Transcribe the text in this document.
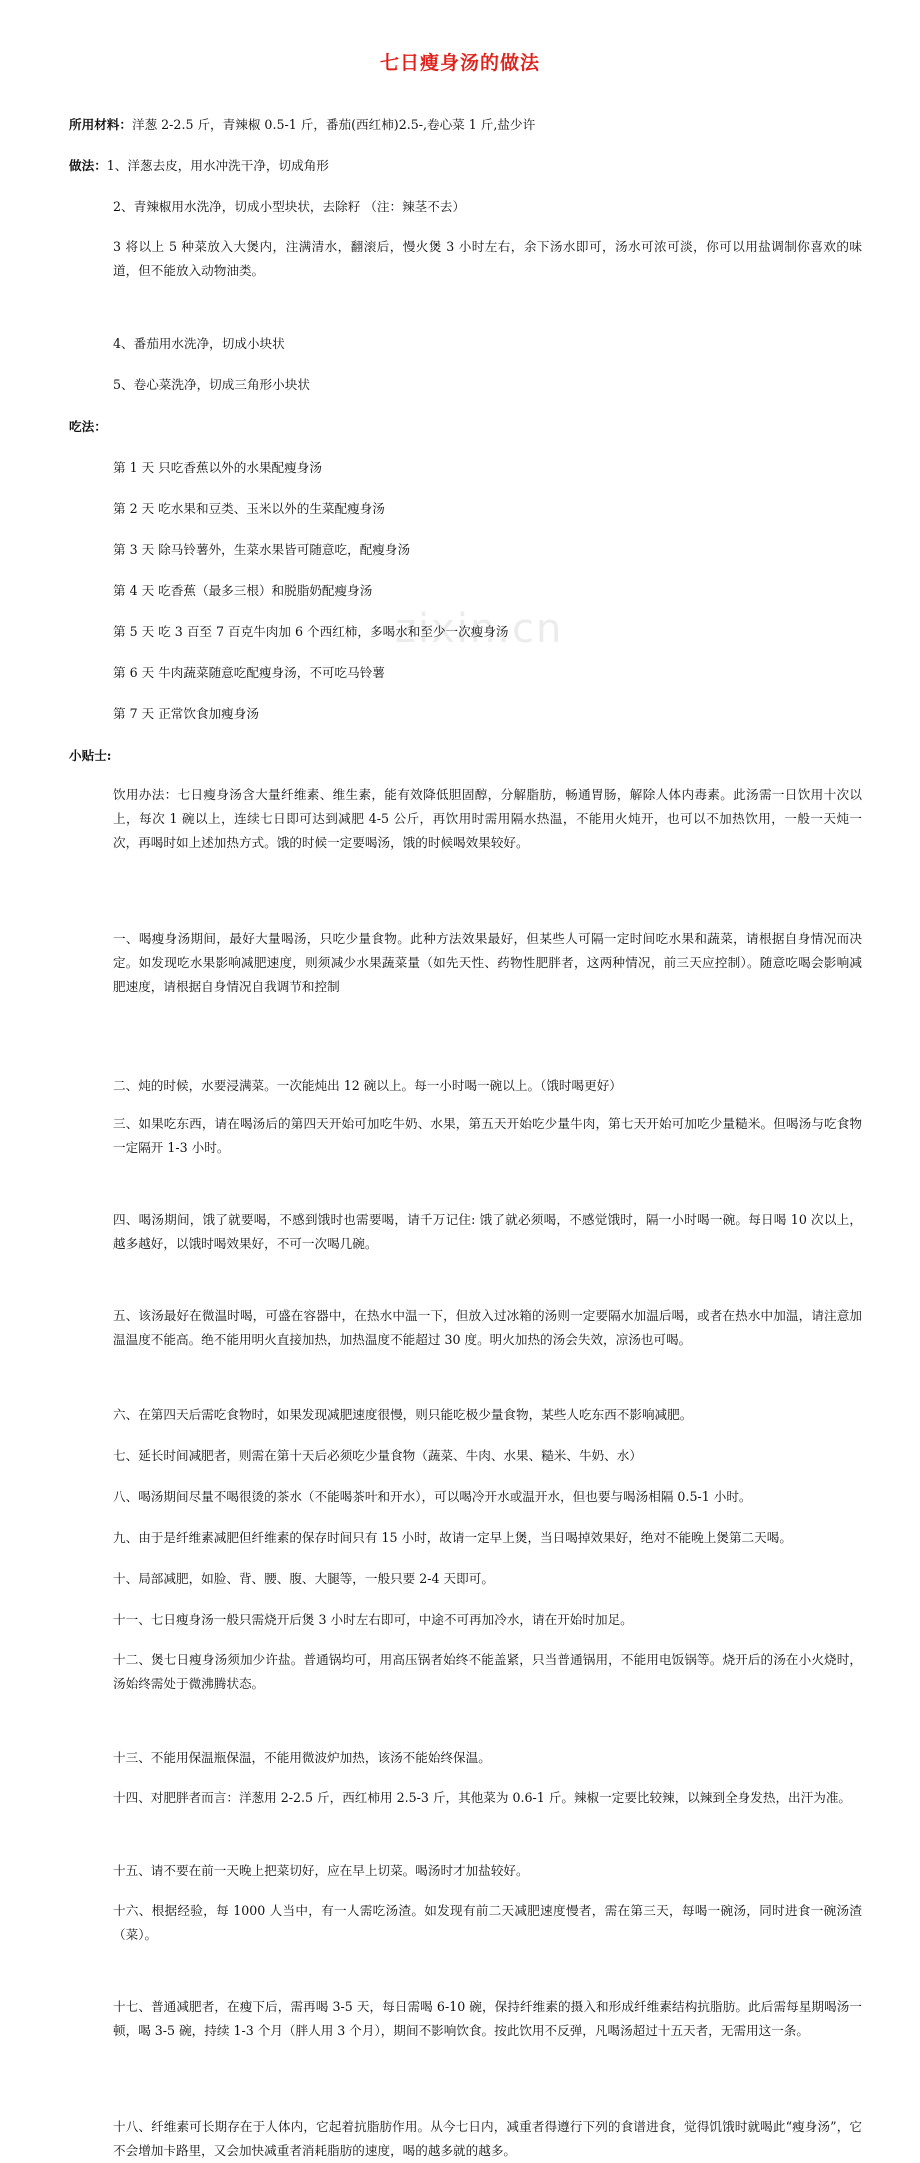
zixin.cn
七日瘦身汤的做法
所用材料：洋葱 2-2.5 斤，青辣椒 0.5-1 斤，番茄(西红柿)2.5-,卷心菜 1 斤,盐少许
做法：1、洋葱去皮，用水冲洗干净，切成角形
2、青辣椒用水洗净，切成小型块状，去除籽 （注：辣茎不去）
3 将以上 5 种菜放入大煲内，注满清水，翻滚后，慢火煲 3 小时左右，余下汤水即可，汤水可浓可淡，你可以用盐调制你喜欢的味道，但不能放入动物油类。
4、番茄用水洗净，切成小块状
5、卷心菜洗净，切成三角形小块状
吃法：
第 1 天 只吃香蕉以外的水果配瘦身汤
第 2 天 吃水果和豆类、玉米以外的生菜配瘦身汤
第 3 天 除马铃薯外，生菜水果皆可随意吃，配瘦身汤
第 4 天 吃香蕉（最多三根）和脱脂奶配瘦身汤
第 5 天 吃 3 百至 7 百克牛肉加 6 个西红柿，多喝水和至少一次瘦身汤
第 6 天 牛肉蔬菜随意吃配瘦身汤，不可吃马铃薯
第 7 天 正常饮食加瘦身汤
小贴士:
饮用办法：七日瘦身汤含大量纤维素、维生素，能有效降低胆固醇，分解脂肪，畅通胃肠，解除人体内毒素。此汤需一日饮用十次以上，每次 1 碗以上，连续七日即可达到减肥 4-5 公斤，再饮用时需用隔水热温，不能用火炖开，也可以不加热饮用，一般一天炖一次，再喝时如上述加热方式。饿的时候一定要喝汤，饿的时候喝效果较好。
一、喝瘦身汤期间，最好大量喝汤，只吃少量食物。此种方法效果最好，但某些人可隔一定时间吃水果和蔬菜，请根据自身情况而决定。如发现吃水果影响减肥速度，则须减少水果蔬菜量（如先天性、药物性肥胖者，这两种情况，前三天应控制）。随意吃喝会影响减肥速度，请根据自身情况自我调节和控制
二、炖的时候，水要浸满菜。一次能炖出 12 碗以上。每一小时喝一碗以上。（饿时喝更好）
三、如果吃东西，请在喝汤后的第四天开始可加吃牛奶、水果，第五天开始吃少量牛肉，第七天开始可加吃少量糙米。但喝汤与吃食物一定隔开 1-3 小时。
四、喝汤期间，饿了就要喝，不感到饿时也需要喝，请千万记住: 饿了就必须喝，不感觉饿时，隔一小时喝一碗。每日喝 10 次以上，越多越好，以饿时喝效果好，不可一次喝几碗。
五、该汤最好在微温时喝，可盛在容器中，在热水中温一下，但放入过冰箱的汤则一定要隔水加温后喝，或者在热水中加温，请注意加温温度不能高。绝不能用明火直接加热，加热温度不能超过 30 度。明火加热的汤会失效，凉汤也可喝。
六、在第四天后需吃食物时，如果发现减肥速度很慢，则只能吃极少量食物，某些人吃东西不影响减肥。
七、延长时间减肥者，则需在第十天后必须吃少量食物（蔬菜、牛肉、水果、糙米、牛奶、水）
八、喝汤期间尽量不喝很烫的茶水（不能喝茶叶和开水），可以喝冷开水或温开水，但也要与喝汤相隔 0.5-1 小时。
九、由于是纤维素减肥但纤维素的保存时间只有 15 小时，故请一定早上煲，当日喝掉效果好，绝对不能晚上煲第二天喝。
十、局部减肥，如脸、背、腰、腹、大腿等，一般只要 2-4 天即可。
十一、七日瘦身汤一般只需烧开后煲 3 小时左右即可，中途不可再加冷水，请在开始时加足。
十二、煲七日瘦身汤须加少许盐。普通锅均可，用高压锅者始终不能盖紧，只当普通锅用，不能用电饭锅等。烧开后的汤在小火烧时，汤始终需处于微沸腾状态。
十三、不能用保温瓶保温，不能用微波炉加热，该汤不能始终保温。
十四、对肥胖者而言：洋葱用 2-2.5 斤，西红柿用 2.5-3 斤，其他菜为 0.6-1 斤。辣椒一定要比较辣，以辣到全身发热，出汗为准。
十五、请不要在前一天晚上把菜切好，应在早上切菜。喝汤时才加盐较好。
十六、根据经验，每 1000 人当中，有一人需吃汤渣。如发现有前二天减肥速度慢者，需在第三天，每喝一碗汤，同时进食一碗汤渣（菜）。
十七、普通减肥者，在瘦下后，需再喝 3-5 天，每日需喝 6-10 碗，保持纤维素的摄入和形成纤维素结构抗脂肪。此后需每星期喝汤一顿，喝 3-5 碗，持续 1-3 个月（胖人用 3 个月），期间不影响饮食。按此饮用不反弹，凡喝汤超过十五天者，无需用这一条。
十八、纤维素可长期存在于人体内，它起着抗脂肪作用。从今七日内，减重者得遵行下列的食谱进食，觉得饥饿时就喝此“瘦身汤”，它不会增加卡路里，又会加快减重者消耗脂肪的速度，喝的越多就的越多。
